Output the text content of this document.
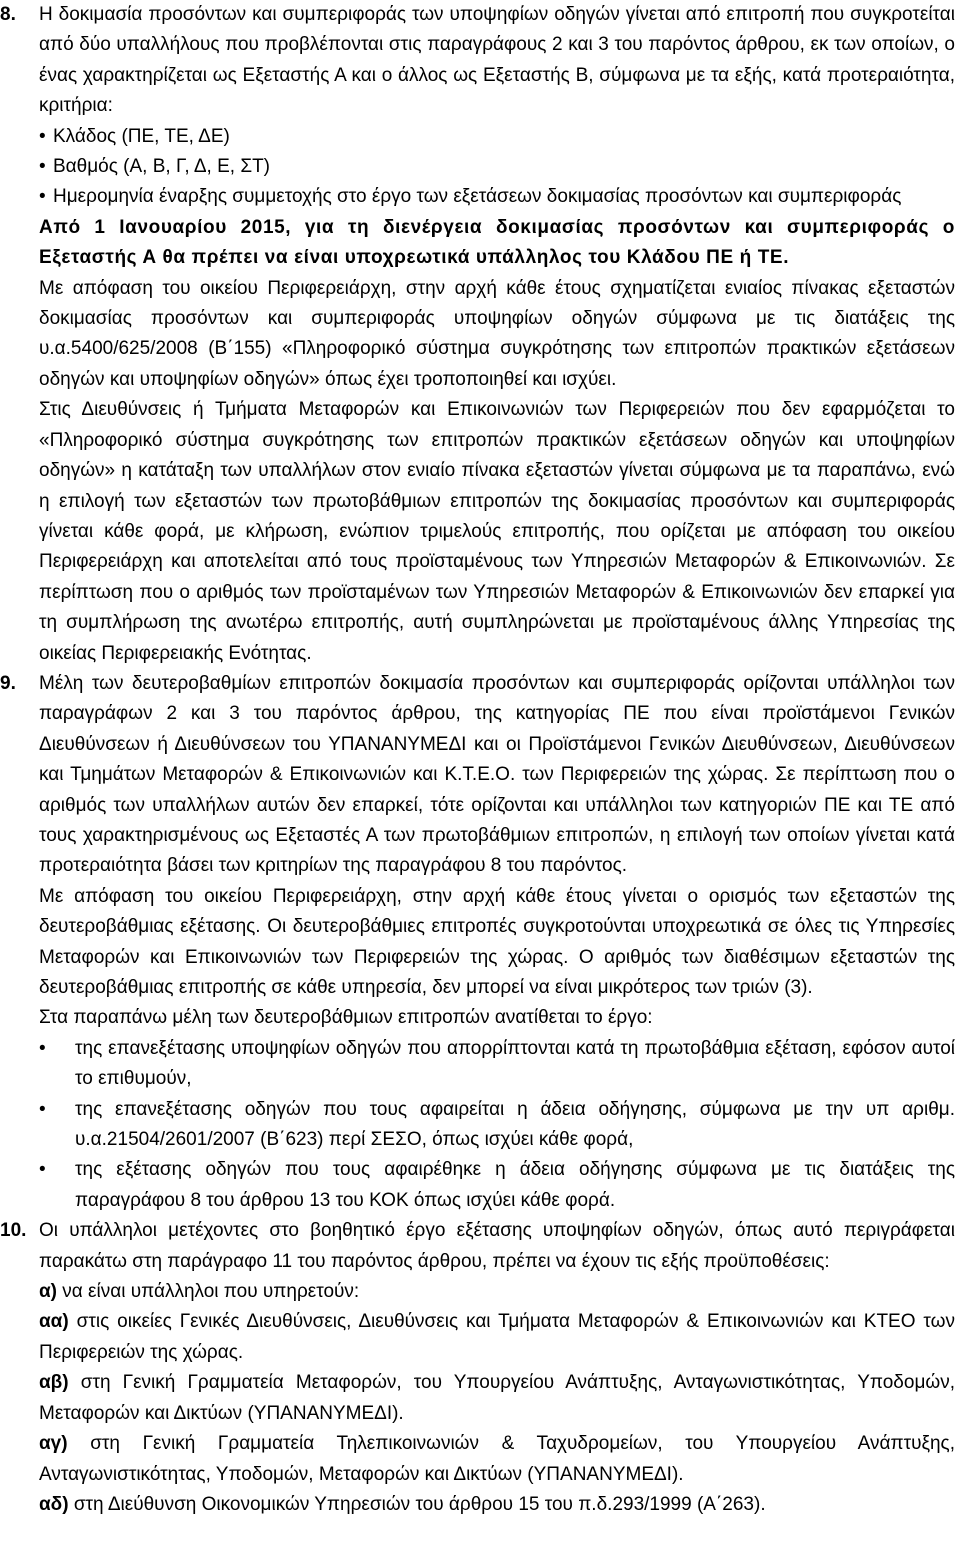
8. Η δοκιμασία προσόντων και συμπεριφοράς των υποψηφίων οδηγών γίνεται από επιτροπή που συγκροτείται από δύο υπαλλήλους που προβλέπονται στις παραγράφους 2 και 3 του παρόντος άρθρου, εκ των οποίων, ο ένας χαρακτηρίζεται ως Εξεταστής Α και ο άλλος ως Εξεταστής Β, σύμφωνα με τα εξής, κατά προτεραιότητα, κριτήρια:

• Κλάδος (ΠΕ, ΤΕ, ΔΕ)
• Βαθμός (Α, Β, Γ, Δ, Ε, ΣΤ)
• Ημερομηνία έναρξης συμμετοχής στο έργο των εξετάσεων δοκιμασίας προσόντων και συμπεριφοράς

Από 1 Ιανουαρίου 2015, για τη διενέργεια δοκιμασίας προσόντων και συμπεριφοράς ο Εξεταστής Α θα πρέπει να είναι υποχρεωτικά υπάλληλος του Κλάδου ΠΕ ή ΤΕ.

Με απόφαση του οικείου Περιφερειάρχη, στην αρχή κάθε έτους σχηματίζεται ενιαίος πίνακας εξεταστών δοκιμασίας προσόντων και συμπεριφοράς υποψηφίων οδηγών σύμφωνα με τις διατάξεις της υ.α.5400/625/2008 (Β΄155) «Πληροφορικό σύστημα συγκρότησης των επιτροπών πρακτικών εξετάσεων οδηγών και υποψηφίων οδηγών» όπως έχει τροποποιηθεί και ισχύει.

Στις Διευθύνσεις ή Τμήματα Μεταφορών και Επικοινωνιών των Περιφερειών που δεν εφαρμόζεται το «Πληροφορικό σύστημα συγκρότησης των επιτροπών πρακτικών εξετάσεων οδηγών και υποψηφίων οδηγών» η κατάταξη των υπαλλήλων στον ενιαίο πίνακα εξεταστών γίνεται σύμφωνα με τα παραπάνω, ενώ η επιλογή των εξεταστών των πρωτοβάθμιων επιτροπών της δοκιμασίας προσόντων και συμπεριφοράς γίνεται κάθε φορά, με κλήρωση, ενώπιον τριμελούς επιτροπής, που ορίζεται με απόφαση του οικείου Περιφερειάρχη και αποτελείται από τους προϊσταμένους των Υπηρεσιών Μεταφορών & Επικοινωνιών. Σε περίπτωση που ο αριθμός των προϊσταμένων των Υπηρεσιών Μεταφορών & Επικοινωνιών δεν επαρκεί για τη συμπλήρωση της ανωτέρω επιτροπής, αυτή συμπληρώνεται με προϊσταμένους άλλης Υπηρεσίας της οικείας Περιφερειακής Ενότητας.

9. Μέλη των δευτεροβαθμίων επιτροπών δοκιμασία προσόντων και συμπεριφοράς ορίζονται υπάλληλοι των παραγράφων 2 και 3 του παρόντος άρθρου, της κατηγορίας ΠΕ που είναι προϊστάμενοι Γενικών Διευθύνσεων ή Διευθύνσεων του ΥΠΑΝΑΝΥΜΕΔΙ και οι Προϊστάμενοι Γενικών Διευθύνσεων, Διευθύνσεων και Τμημάτων Μεταφορών & Επικοινωνιών και Κ.Τ.Ε.Ο. των Περιφερειών της χώρας. Σε περίπτωση που ο αριθμός των υπαλλήλων αυτών δεν επαρκεί, τότε ορίζονται και υπάλληλοι των κατηγοριών ΠΕ και ΤΕ από τους χαρακτηρισμένους ως Εξεταστές Α των πρωτοβάθμιων επιτροπών, η επιλογή των οποίων γίνεται κατά προτεραιότητα βάσει των κριτηρίων της παραγράφου 8 του παρόντος.

Με απόφαση του οικείου Περιφερειάρχη, στην αρχή κάθε έτους γίνεται ο ορισμός των εξεταστών της δευτεροβάθμιας εξέτασης. Οι δευτεροβάθμιες επιτροπές συγκροτούνται υποχρεωτικά σε όλες τις Υπηρεσίες Μεταφορών και Επικοινωνιών των Περιφερειών της χώρας. Ο αριθμός των διαθέσιμων εξεταστών της δευτεροβάθμιας επιτροπής σε κάθε υπηρεσία, δεν μπορεί να είναι μικρότερος των τριών (3).

Στα παραπάνω μέλη των δευτεροβάθμιων επιτροπών ανατίθεται το έργο:

• της επανεξέτασης υποψηφίων οδηγών που απορρίπτονται κατά τη πρωτοβάθμια εξέταση, εφόσον αυτοί το επιθυμούν,
• της επανεξέτασης οδηγών που τους αφαιρείται η άδεια οδήγησης, σύμφωνα με την υπ αριθμ. υ.α.21504/2601/2007 (Β΄623) περί ΣΕΣΟ, όπως ισχύει κάθε φορά,
• της εξέτασης οδηγών που τους αφαιρέθηκε η άδεια οδήγησης σύμφωνα με τις διατάξεις της παραγράφου 8 του άρθρου 13 του ΚΟΚ όπως ισχύει κάθε φορά.
10. Οι υπάλληλοι μετέχοντες στο βοηθητικό έργο εξέτασης υποψηφίων οδηγών, όπως αυτό περιγράφεται παρακάτω στη παράγραφο 11 του παρόντος άρθρου, πρέπει να έχουν τις εξής προϋποθέσεις:

α) να είναι υπάλληλοι που υπηρετούν:

αα) στις οικείες Γενικές Διευθύνσεις, Διευθύνσεις και Τμήματα Μεταφορών & Επικοινωνιών και ΚΤΕΟ των Περιφερειών της χώρας.

αβ) στη Γενική Γραμματεία Μεταφορών, του Υπουργείου Ανάπτυξης, Ανταγωνιστικότητας, Υποδομών, Μεταφορών και Δικτύων (ΥΠΑΝΑΝΥΜΕΔΙ).

αγ) στη Γενική Γραμματεία Τηλεπικοινωνιών & Ταχυδρομείων, του Υπουργείου Ανάπτυξης, Ανταγωνιστικότητας, Υποδομών, Μεταφορών και Δικτύων (ΥΠΑΝΑΝΥΜΕΔΙ).

αδ) στη Διεύθυνση Οικονομικών Υπηρεσιών του άρθρου 15 του π.δ.293/1999 (Α΄263).
